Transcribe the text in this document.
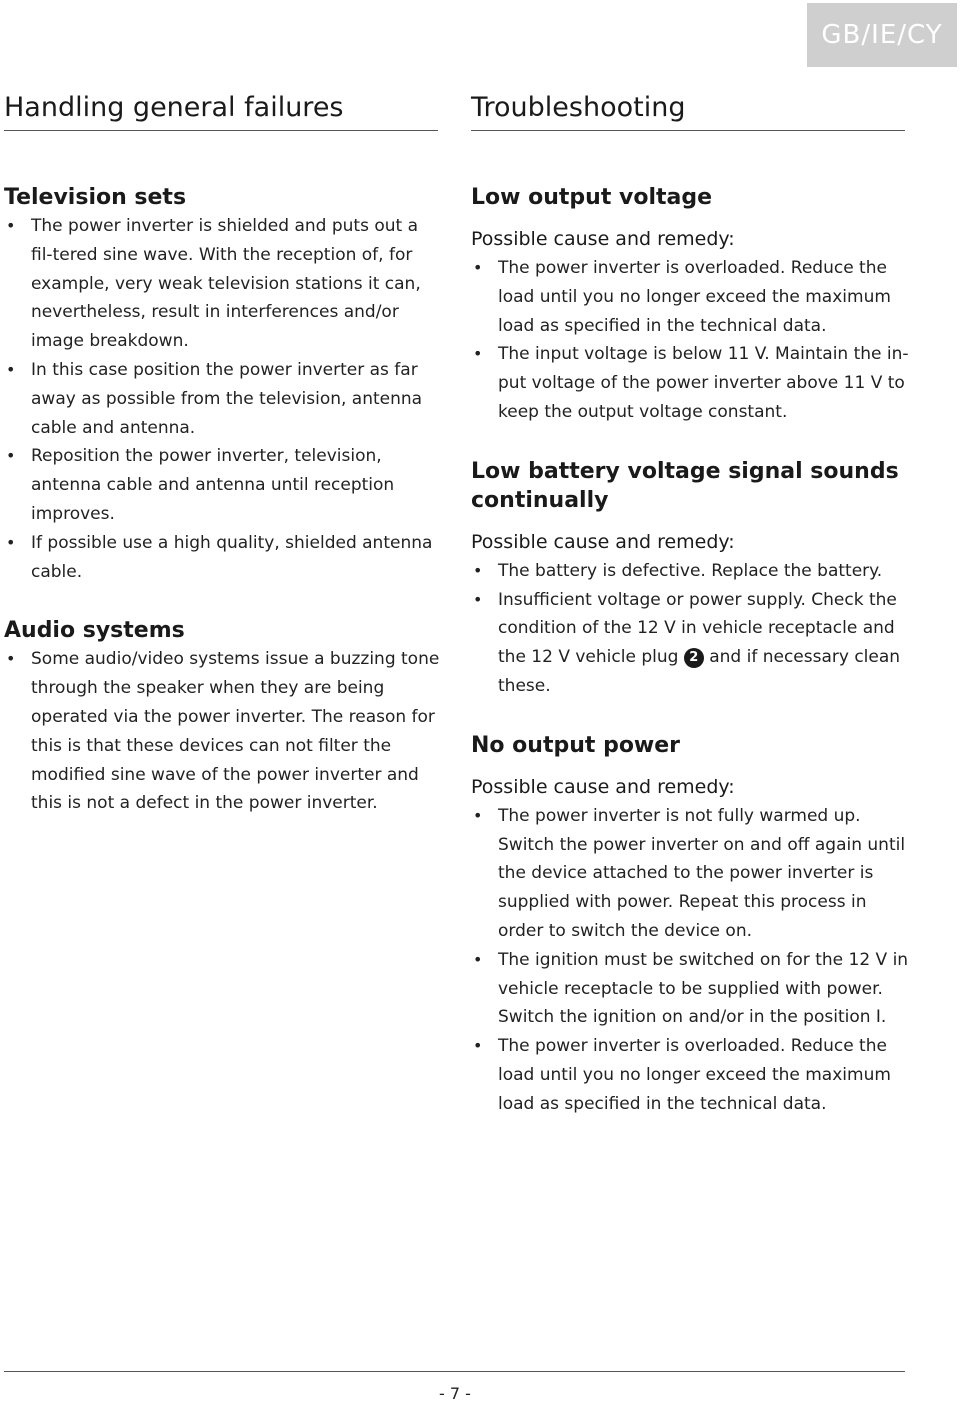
GB/IE/CY
Handling general failures	Troubleshooting
Television sets
• The power inverter is shielded and puts out a fil-tered sine wave. With the reception of, for example, very weak television stations it can, nevertheless, result in interferences and/or image breakdown.
• In this case position the power inverter as far away as possible from the television, antenna cable and antenna.
• Reposition the power inverter, television, antenna cable and antenna until reception improves.
• If possible use a high quality, shielded antenna cable.
Audio systems
• Some audio/video systems issue a buzzing tone through the speaker when they are being operated via the power inverter. The reason for this is that these devices can not filter the modified sine wave of the power inverter and this is not a defect in the power inverter.
Low output voltage
Possible cause and remedy:
• The power inverter is overloaded. Reduce the load until you no longer exceed the maximum load as specified in the technical data.
• The input voltage is below 11 V. Maintain the in-put voltage of the power inverter above 11 V to keep the output voltage constant.
Low battery voltage signal sounds continually
Possible cause and remedy:
• The battery is defective. Replace the battery.
• Insufficient voltage or power supply. Check the condition of the 12 V in vehicle receptacle and the 12 V vehicle plug 2 and if necessary clean these.
No output power
Possible cause and remedy:
• The power inverter is not fully warmed up. Switch the power inverter on and off again until the device attached to the power inverter is supplied with power. Repeat this process in order to switch the device on.
• The ignition must be switched on for the 12 V in vehicle receptacle to be supplied with power. Switch the ignition on and/or in the position I.
• The power inverter is overloaded. Reduce the load until you no longer exceed the maximum load as specified in the technical data.
- 7 -
